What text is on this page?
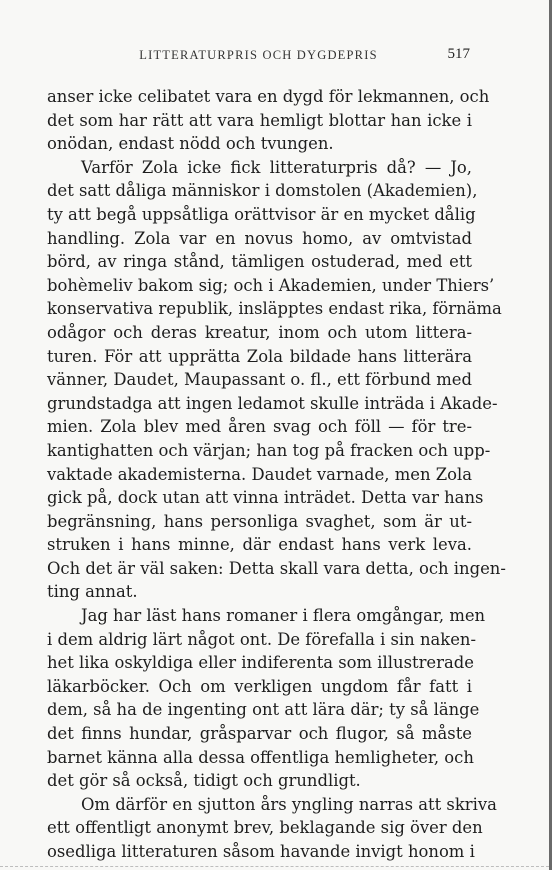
LITTERATURPRIS OCH DYGDEPRIS	517
anser icke celibatet vara en dygd för lekmannen, och
det som har rätt att vara hemligt blottar han icke i
onödan, endast nödd och tvungen.
Varför Zola icke fick litteraturpris då? — Jo,
det satt dåliga människor i domstolen (Akademien),
ty att begå uppsåtliga orättvisor är en mycket dålig
handling. Zola var en novus homo, av omtvistad
börd, av ringa stånd, tämligen ostuderad, med ett
bohèmeliv bakom sig; och i Akademien, under Thiers’
konservativa republik, insläpptes endast rika, förnäma
odågor och deras kreatur, inom och utom littera-
turen. För att upprätta Zola bildade hans litterära
vänner, Daudet, Maupassant o. fl., ett förbund med
grundstadga att ingen ledamot skulle inträda i Akade-
mien. Zola blev med åren svag och föll — för tre-
kantighatten och värjan; han tog på fracken och upp-
vaktade akademisterna. Daudet varnade, men Zola
gick på, dock utan att vinna inträdet. Detta var hans
begränsning, hans personliga svaghet, som är ut-
struken i hans minne, där endast hans verk leva.
Och det är väl saken: Detta skall vara detta, och ingen-
ting annat.
Jag har läst hans romaner i flera omgångar, men
i dem aldrig lärt något ont. De förefalla i sin naken-
het lika oskyldiga eller indiferenta som illustrerade
läkarböcker. Och om verkligen ungdom får fatt i
dem, så ha de ingenting ont att lära där; ty så länge
det finns hundar, gråsparvar och flugor, så måste
barnet känna alla dessa offentliga hemligheter, och
det gör så också, tidigt och grundligt.
Om därför en sjutton års yngling narras att skriva
ett offentligt anonymt brev, beklagande sig över den
osedliga litteraturen såsom havande invigt honom i
